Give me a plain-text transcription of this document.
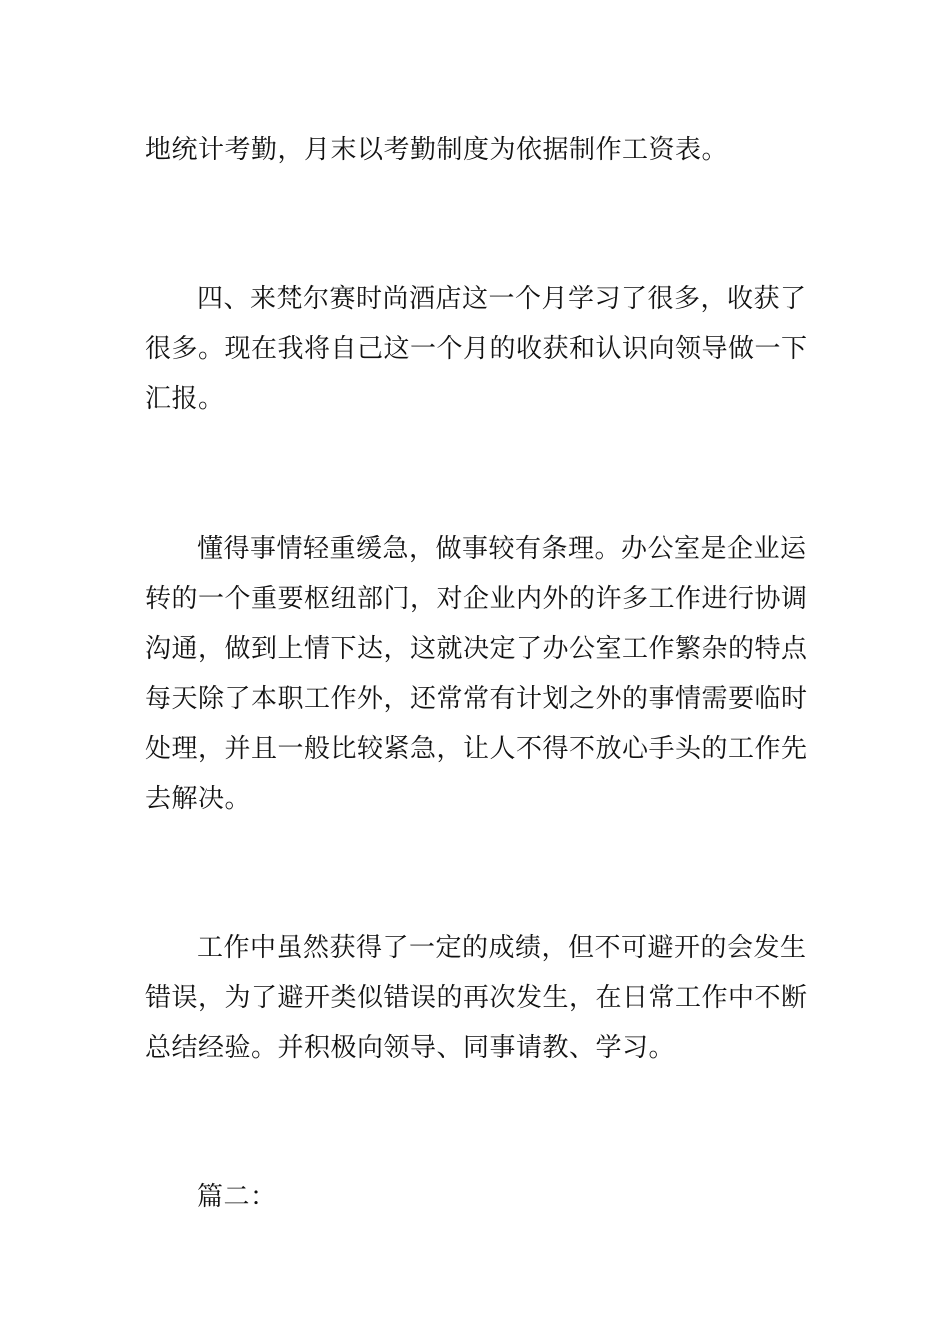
地统计考勤，月末以考勤制度为依据制作工资表。
四、来梵尔赛时尚酒店这一个月学习了很多，收获了
很多。现在我将自己这一个月的收获和认识向领导做一下
汇报。
懂得事情轻重缓急，做事较有条理。办公室是企业运
转的一个重要枢纽部门，对企业内外的许多工作进行协调
沟通，做到上情下达，这就决定了办公室工作繁杂的特点
每天除了本职工作外，还常常有计划之外的事情需要临时
处理，并且一般比较紧急，让人不得不放心手头的工作先
去解决。
工作中虽然获得了一定的成绩，但不可避开的会发生
错误，为了避开类似错误的再次发生，在日常工作中不断
总结经验。并积极向领导、同事请教、学习。
篇二：
